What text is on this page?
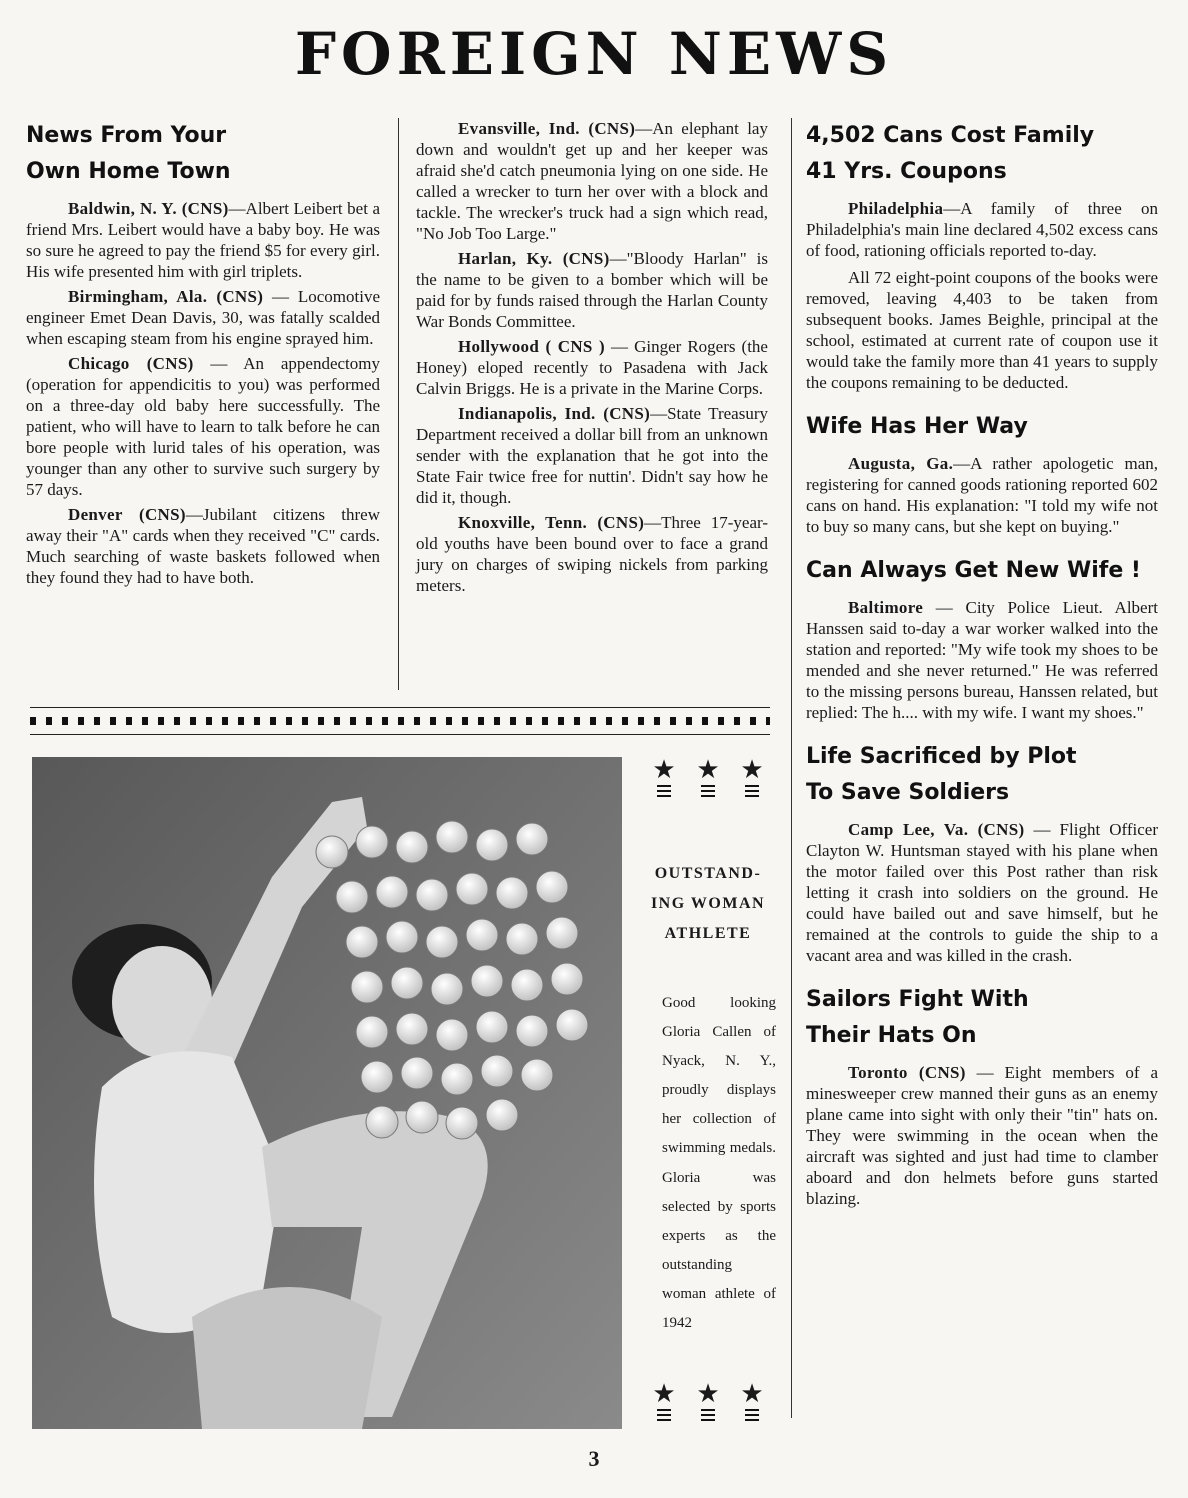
FOREIGN NEWS
News From Your
Own Home Town

Baldwin, N. Y. (CNS)—Albert Leibert bet a friend Mrs. Leibert would have a baby boy. He was so sure he agreed to pay the friend $5 for every girl. His wife presented him with girl triplets.

Birmingham, Ala. (CNS) — Locomotive engineer Emet Dean Davis, 30, was fatally scalded when escaping steam from his engine sprayed him.

Chicago (CNS) — An appendectomy (operation for appendicitis to you) was performed on a three-day old baby here successfully. The patient, who will have to learn to talk before he can bore people with lurid tales of his operation, was younger than any other to survive such surgery by 57 days.

Denver (CNS)—Jubilant citizens threw away their "A" cards when they received "C" cards. Much searching of waste baskets followed when they found they had to have both.

Evansville, Ind. (CNS)—An elephant lay down and wouldn't get up and her keeper was afraid she'd catch pneumonia lying on one side. He called a wrecker to turn her over with a block and tackle. The wrecker's truck had a sign which read, "No Job Too Large."

Harlan, Ky. (CNS)—"Bloody Harlan" is the name to be given to a bomber which will be paid for by funds raised through the Harlan County War Bonds Committee.

Hollywood ( CNS ) — Ginger Rogers (the Honey) eloped recently to Pasadena with Jack Calvin Briggs. He is a private in the Marine Corps.

Indianapolis, Ind. (CNS)—State Treasury Department received a dollar bill from an unknown sender with the explanation that he got into the State Fair twice free for nuttin'. Didn't say how he did it, though.

Knoxville, Tenn. (CNS)—Three 17-year-old youths have been bound over to face a grand jury on charges of swiping nickels from parking meters.

4,502 Cans Cost Family
41 Yrs. Coupons

Philadelphia—A family of three on Philadelphia's main line declared 4,502 excess cans of food, rationing officials reported to-day.

All 72 eight-point coupons of the books were removed, leaving 4,403 to be taken from subsequent books. James Beighle, principal at the school, estimated at current rate of coupon use it would take the family more than 41 years to supply the coupons remaining to be deducted.

Wife Has Her Way

Augusta, Ga.—A rather apologetic man, registering for canned goods rationing reported 602 cans on hand. His explanation: "I told my wife not to buy so many cans, but she kept on buying."

Can Always Get New Wife !

Baltimore — City Police Lieut. Albert Hanssen said to-day a war worker walked into the station and reported: "My wife took my shoes to be mended and she never returned." He was referred to the missing persons bureau, Hanssen related, but replied: The h.... with my wife. I want my shoes."

Life Sacrificed by Plot
To Save Soldiers

Camp Lee, Va. (CNS) — Flight Officer Clayton W. Huntsman stayed with his plane when the motor failed over this Post rather than risk letting it crash into soldiers on the ground. He could have bailed out and save himself, but he remained at the controls to guide the ship to a vacant area and was killed in the crash.

Sailors Fight With
Their Hats On

Toronto (CNS) — Eight members of a minesweeper crew manned their guns as an enemy plane came into sight with only their "tin" hats on. They were swimming in the ocean when the aircraft was sighted and just had time to clamber aboard and don helmets before guns started blazing.

★ ★ ★
OUTSTAND-
ING WOMAN
ATHLETE
Good looking Gloria Callen of Nyack, N. Y., proudly displays her collection of swimming medals. Gloria was selected by sports experts as the outstanding woman athlete of 1942
★ ★ ★
3
